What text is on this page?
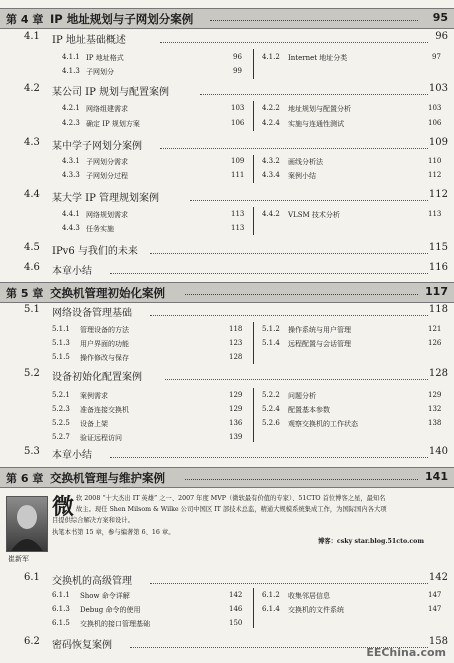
第 4 章 IP 地址规划与子网划分案例	95
第 5 章 交换机管理初始化案例	117
第 6 章 交换机管理与维护案例	141
4.1 IP 地址基础概述	96
4.2 某公司 IP 规划与配置案例	103
4.3 某中学子网划分案例	109
4.4 某大学 IP 管理规划案例	112
4.5 IPv6 与我们的未来	115
4.6 本章小结	116
5.1 网络设备管理基础	118
5.2 设备初始化配置案例	128
5.3 本章小结	140
6.1 交换机的高级管理	142
6.2 密码恢复案例	158
4.1.1 IP 地址格式	96	4.1.2 Internet 地址分类	97
4.1.3 子网划分	99
4.2.1 网络组建需求	103	4.2.2 地址规划与配置分析	103
4.2.3 确定 IP 规划方案	106	4.2.4 实施与连通性测试	106
4.3.1 子网划分需求	109	4.3.2 画线分析法	110
4.3.3 子网划分过程	111	4.3.4 案例小结	112
4.4.1 网络规划需求	113	4.4.2 VLSM 技术分析	113
4.4.3 任务实施	113
5.1.1 管理设备的方法	118	5.1.2 操作系统与用户管理	121
5.1.3 用户界面的功能	123	5.1.4 远程配置与会话管理	126
5.1.5 操作修改与保存	128
5.2.1 案例需求	129	5.2.2 问题分析	129
5.2.3 准备连接交换机	129	5.2.4 配置基本参数	132
5.2.5 设备上架	136	5.2.6 观察交换机的工作状态	138
5.2.7 验证远程访问	139
崔新军
微 软 2008 “十大杰出 IT 英雄” 之一、2007 年度 MVP（微软最有价值的专家）、51CTO 首位博客之星，最知名
故主。现任 Shen Milsom & Wilke 公司中国区 IT 部技术总监，精通大规模系统集成工作，为国际国内各大项
目提供综合解决方案和设计。
执笔本书第 15 章，参与编著第 6、16 章。
博客：csky star.blog.51cto.com
6.1.1 Show 命令详解	142	6.1.2 收集邻居信息	147
6.1.3 Debug 命令的使用	146	6.1.4 交换机的文件系统	147
6.1.5 交换机的接口管理基础	150
EEChina.com
